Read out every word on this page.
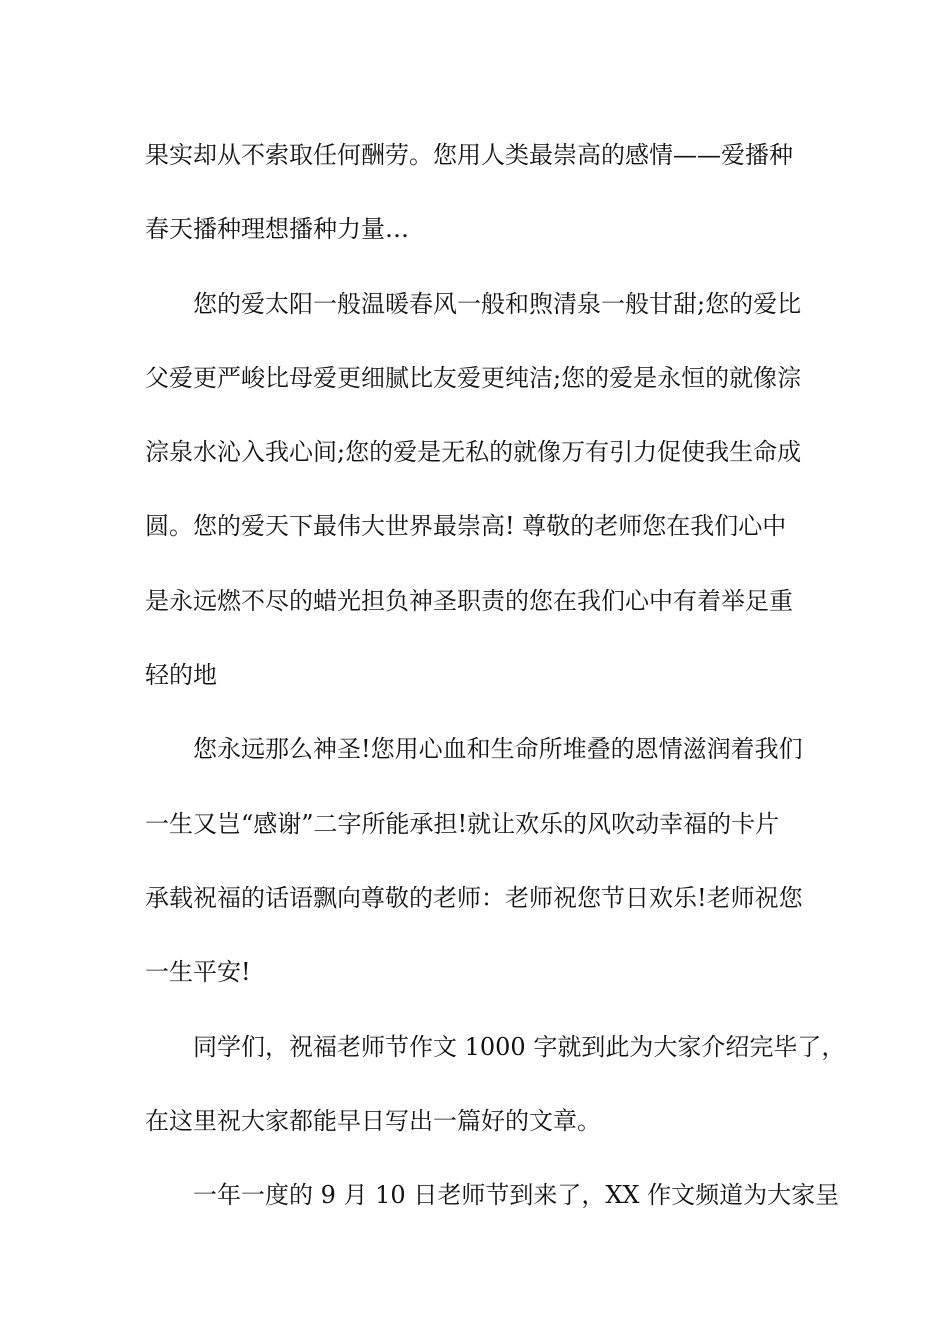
果实却从不索取任何酬劳。您用人类最崇高的感情——爱播种
春天播种理想播种力量…
您的爱太阳一般温暖春风一般和煦清泉一般甘甜;您的爱比
父爱更严峻比母爱更细腻比友爱更纯洁;您的爱是永恒的就像淙
淙泉水沁入我心间;您的爱是无私的就像万有引力促使我生命成
圆。您的爱天下最伟大世界最崇高! 尊敬的老师您在我们心中
是永远燃不尽的蜡光担负神圣职责的您在我们心中有着举足重
轻的地
您永远那么神圣!您用心血和生命所堆叠的恩情滋润着我们
一生又岂“感谢”二字所能承担!就让欢乐的风吹动幸福的卡片
承载祝福的话语飘向尊敬的老师：老师祝您节日欢乐!老师祝您
一生平安!
同学们，祝福老师节作文 1000 字就到此为大家介绍完毕了，
在这里祝大家都能早日写出一篇好的文章。
一年一度的 9 月 10 日老师节到来了，XX 作文频道为大家呈
